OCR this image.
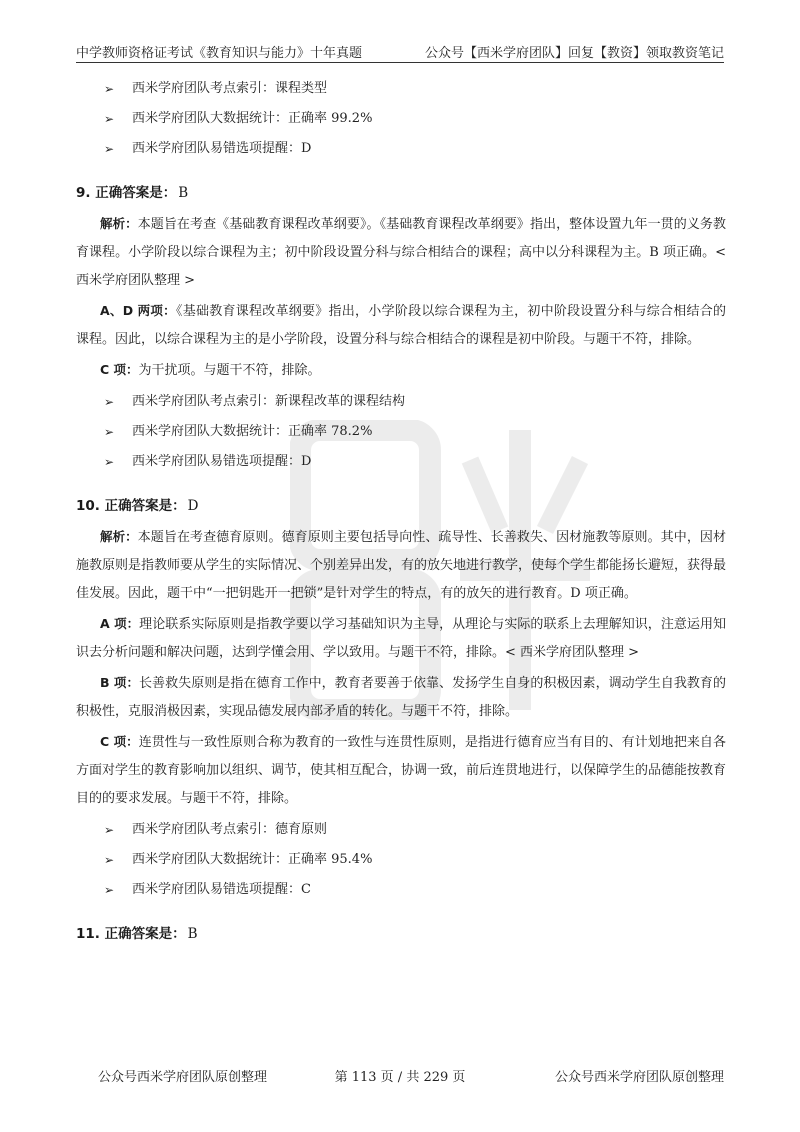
中学教师资格证考试《教育知识与能力》十年真题	公众号【西米学府团队】回复【教资】领取教资笔记
➢ 西米学府团队考点索引：课程类型
➢ 西米学府团队大数据统计：正确率 99.2%
➢ 西米学府团队易错选项提醒：D
9. 正确答案是： B

解析：本题旨在考查《基础教育课程改革纲要》。《基础教育课程改革纲要》指出，整体设置九年一贯的义务教育课程。小学阶段以综合课程为主；初中阶段设置分科与综合相结合的课程；高中以分科课程为主。B 项正确。< 西米学府团队整理 >

A、D 两项：《基础教育课程改革纲要》指出，小学阶段以综合课程为主，初中阶段设置分科与综合相结合的课程。因此，以综合课程为主的是小学阶段，设置分科与综合相结合的课程是初中阶段。与题干不符，排除。

C 项：为干扰项。与题干不符，排除。

➢ 西米学府团队考点索引：新课程改革的课程结构
➢ 西米学府团队大数据统计：正确率 78.2%
➢ 西米学府团队易错选项提醒：D
10. 正确答案是： D

解析：本题旨在考查德育原则。德育原则主要包括导向性、疏导性、长善救失、因材施教等原则。其中，因材施教原则是指教师要从学生的实际情况、个别差异出发，有的放矢地进行教学，使每个学生都能扬长避短，获得最佳发展。因此，题干中“一把钥匙开一把锁”是针对学生的特点，有的放矢的进行教育。D 项正确。

A 项：理论联系实际原则是指教学要以学习基础知识为主导，从理论与实际的联系上去理解知识，注意运用知识去分析问题和解决问题，达到学懂会用、学以致用。与题干不符，排除。< 西米学府团队整理 >

B 项：长善救失原则是指在德育工作中，教育者要善于依靠、发扬学生自身的积极因素，调动学生自我教育的积极性，克服消极因素，实现品德发展内部矛盾的转化。与题干不符，排除。

C 项：连贯性与一致性原则合称为教育的一致性与连贯性原则，是指进行德育应当有目的、有计划地把来自各方面对学生的教育影响加以组织、调节，使其相互配合，协调一致，前后连贯地进行，以保障学生的品德能按教育目的的要求发展。与题干不符，排除。

➢ 西米学府团队考点索引：德育原则
➢ 西米学府团队大数据统计：正确率 95.4%
➢ 西米学府团队易错选项提醒：C
11. 正确答案是： B
公众号西米学府团队原创整理	第 113 页 / 共 229 页	公众号西米学府团队原创整理
